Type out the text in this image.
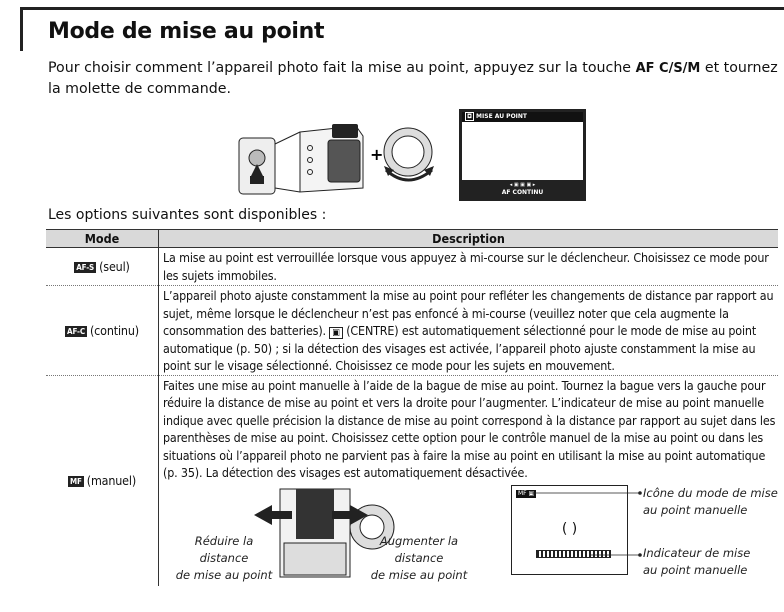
Mode de mise au point
Pour choisir comment l’appareil photo fait la mise au point, appuyez sur la touche AF C/S/M et tournez la molette de commande.
+
◘ MISE AU POINT
◂ ▣ ▣ ▣ ▸
AF CONTINU
Les options suivantes sont disponibles :
Mode	Description
AF-S (seul)	La mise au point est verrouillée lorsque vous appuyez à mi-course sur le déclencheur. Choisissez ce mode pour les sujets immobiles.
AF-C (continu)	L’appareil photo ajuste constamment la mise au point pour refléter les changements de distance par rapport au sujet, même lorsque le déclencheur n’est pas enfoncé à mi-course (veuillez noter que cela augmente la consommation des batteries). ▣ (CENTRE) est automatiquement sélectionné pour le mode de mise au point automatique (p. 50) ; si la détection des visages est activée, l’appareil photo ajuste constamment la mise au point sur le visage sélectionné. Choisissez ce mode pour les sujets en mouvement.
MF (manuel)	Faites une mise au point manuelle à l’aide de la bague de mise au point. Tournez la bague vers la gauche pour réduire la distance de mise au point et vers la droite pour l’augmenter. L’indicateur de mise au point manuelle indique avec quelle précision la distance de mise au point correspond à la distance par rapport au sujet dans les parenthèses de mise au point. Choisissez cette option pour le contrôle manuel de la mise au point ou dans les situations où l’appareil photo ne parvient pas à faire la mise au point en utilisant la mise au point automatique (p. 35). La détection des visages est automatiquement désactivée.
Réduire la distance
de mise au point
Augmenter la distance
de mise au point
MF ▣
( )
Icône du mode de mise
au point manuelle
Indicateur de mise
au point manuelle
